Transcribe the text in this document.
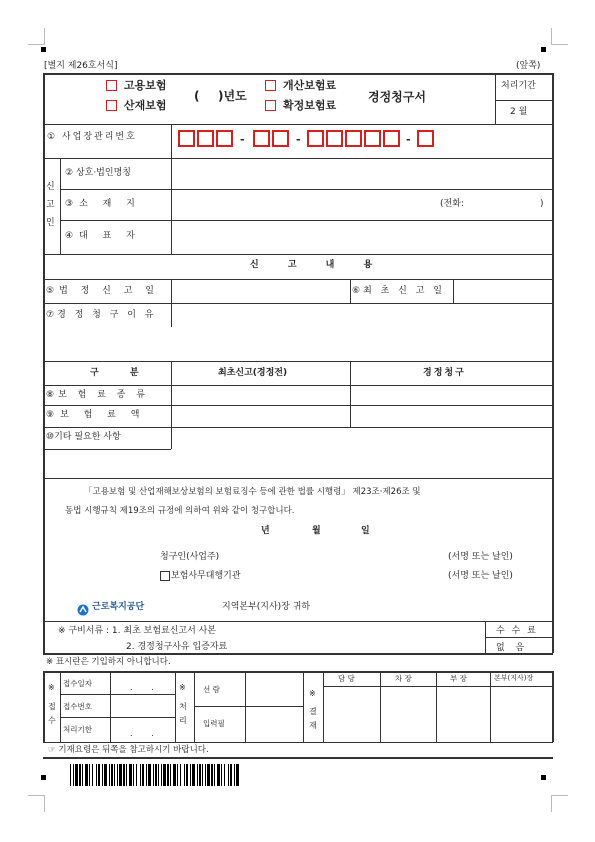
[별지 제26호서식]	(앞쪽)
고용보험
산재보험
( )년도
개산보험료
확정보험료
경정청구서
처리기간
2 월
① 사업장관리번호	-	-	-
신고인
② 상호·법인명칭
③소 재 지	(전화:	)
④대 표 자
신 고 내 용
⑤법 정 신 고 일	⑥최 초 신 고 일
⑦경 정 청 구 이 유
구 분	최초신고(경정전)	경정청구
⑧보 험 료 종 류
⑨보 험 료 액
⑩기타 필요한 사항
「고용보험 및 산업재해보상보험의 보험료징수 등에 관한 법률 시행령」 제23조·제26조 및
동법 시행규칙 제19조의 규정에 의하여 위와 같이 청구합니다.
년	월	일
청구인(사업주)	(서명 또는 날인)
보험사무대행기관	(서명 또는 날인)
근로복지공단	지역본부(지사)장 귀하
※ 구비서류 : 1. 최초 보험료신고서 사본
2. 경정청구사유 입증자료
수 수 료
없 음
※ 표시란은 기입하지 아니합니다.
※
접수
접수일자	. .
접수번호
처리기한	. .
※
처리
선 람
입력필
※
결재
담 당	차 장	부 장	본부(지사)장
☞ 기재요령은 뒤쪽을 참고하시기 바랍니다.
